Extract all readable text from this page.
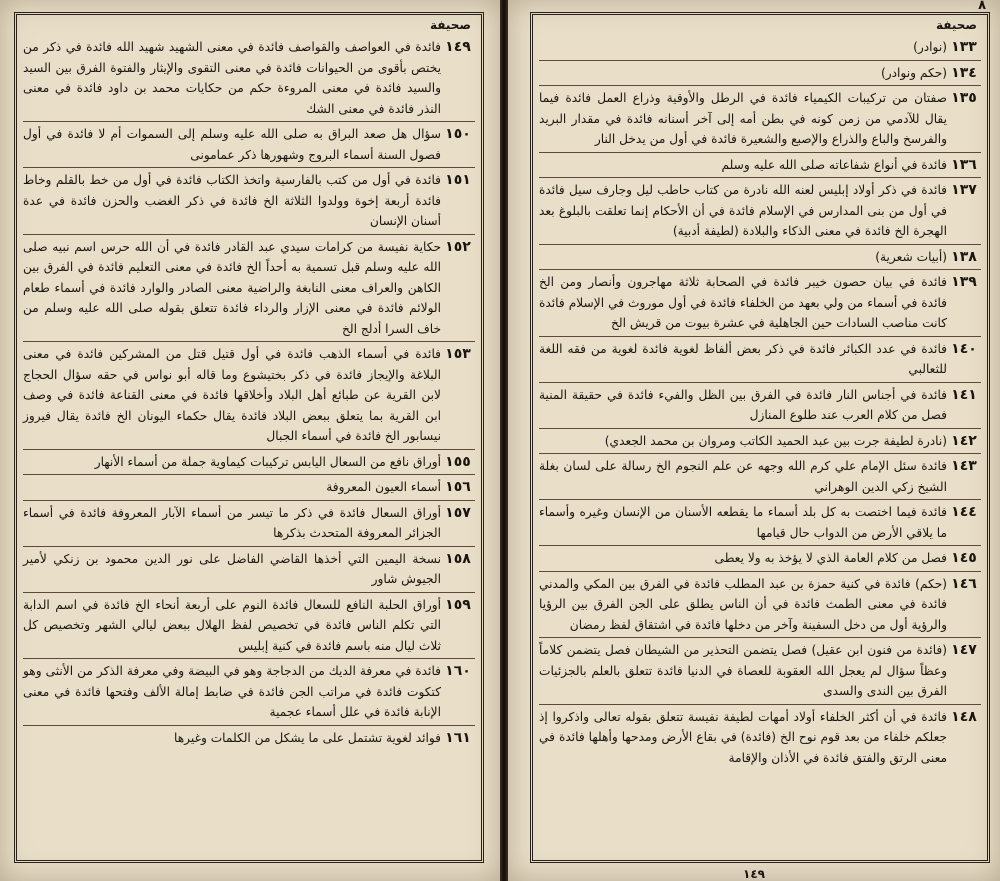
صحيفة
١٤٩
فائدة في العواصف والقواصف فائدة في معنى الشهيد شهيد الله فائدة في ذكر من يختص بأقوى من الحيوانات فائدة في معنى التقوى والإيثار والفتوة الفرق بين السيد والسيد فائدة في معنى المروءة حكم من حكايات محمد بن داود فائدة في معنى النذر فائدة في معنى الشك
١٥٠
سؤال هل صعد البراق به صلى الله عليه وسلم إلى السموات أم لا فائدة في أول فصول السنة أسماء البروج وشهورها ذكر عمامونى
١٥١
فائدة في أول من كتب بالفارسية واتخذ الكتاب فائدة في أول من خط بالقلم وخاط فائدة أربعة إخوة وولدوا الثلاثة الخ فائدة في ذكر الغضب والحزن فائدة في عدة أسنان الإنسان
١٥٢
حكاية نفيسة من كرامات سيدي عبد القادر فائدة في أن الله حرس اسم نبيه صلى الله عليه وسلم قبل تسمية به أحداً الخ فائدة في معنى التعليم فائدة في الفرق بين الكاهن والعراف معنى النابغة والراضية معنى الصادر والوارد فائدة في أسماء طعام الولائم فائدة في معنى الإزار والرداء فائدة تتعلق بقوله صلى الله عليه وسلم من خاف السرا أدلج الخ
١٥٣
فائدة في أسماء الذهب فائدة في أول قتيل قتل من المشركين فائدة في معنى البلاغة والإيجاز فائدة في ذكر بختيشوع وما قاله أبو نواس في حقه سؤال الحجاج لابن القرية عن طبائع أهل البلاد وأخلاقها فائدة في معنى القناعة فائدة في وصف ابن القرية بما يتعلق ببعض البلاد فائدة يقال حكماء اليونان الخ فائدة يقال فيروز نيسابور الخ فائدة في أسماء الجبال
١٥٥
أوراق نافع من السعال اليابس تركيبات كيماوية جملة من أسماء الأنهار
١٥٦
أسماء العيون المعروفة
١٥٧
أوراق السعال فائدة في ذكر ما تيسر من أسماء الآبار المعروفة فائدة في أسماء الجزائر المعروفة المتحدث بذكرها
١٥٨
نسخة اليمين التي أخذها القاضي الفاضل على نور الدين محمود بن زنكي لأمير الجيوش شاور
١٥٩
أوراق الحلبة النافع للسعال فائدة النوم على أربعة أنحاء الخ فائدة في اسم الدابة التي تكلم الناس فائدة في تخصيص لفظ الهلال ببعض ليالي الشهر وتخصيص كل ثلاث ليال منه باسم فائدة في كنية إبليس
١٦٠
فائدة في معرفة الديك من الدجاجة وهو في البيضة وفي معرفة الذكر من الأنثى وهو كتكوت فائدة في مراتب الجن فائدة في ضابط إمالة الألف وفتحها فائدة في معنى الإنابة فائدة في علل أسماء عجمية
١٦١
فوائد لغوية تشتمل على ما يشكل من الكلمات وغيرها
٨
صحيفة
١٣٣
(نوادر)
١٣٤
(حكم ونوادر)
١٣٥
صفتان من تركيبات الكيمياء فائدة في الرطل والأوقية وذراع العمل فائدة فيما يقال للآدمي من زمن كونه في بطن أمه إلى آخر أسنانه فائدة في مقدار البريد والفرسخ والباع والذراع والإصبع والشعيرة فائدة في أول من يدخل النار
١٣٦
فائدة في أنواع شفاعاته صلى الله عليه وسلم
١٣٧
فائدة في ذكر أولاد إبليس لعنه الله نادرة من كتاب حاطب ليل وجارف سيل فائدة في أول من بنى المدارس في الإسلام فائدة في أن الأحكام إنما تعلقت بالبلوغ بعد الهجرة الخ فائدة في معنى الذكاء والبلادة (لطيفة أدبية)
١٣٨
(أبيات شعرية)
١٣٩
فائدة في بيان حصون خيبر فائدة في الصحابة ثلاثة مهاجرون وأنصار ومن الخ فائدة في أسماء من ولي بعهد من الخلفاء فائدة في أول موروث في الإسلام فائدة كانت مناصب السادات حين الجاهلية في عشرة بيوت من قريش الخ
١٤٠
فائدة في عدد الكبائر فائدة في ذكر بعض ألفاظ لغوية فائدة لغوية من فقه اللغة للثعالبي
١٤١
فائدة في أجناس النار فائدة في الفرق بين الظل والفيء فائدة في حقيقة المنية فصل من كلام العرب عند طلوع المنازل
١٤٢
(نادرة لطيفة جرت بين عبد الحميد الكاتب ومروان بن محمد الجعدي)
١٤٣
فائدة سئل الإمام علي كرم الله وجهه عن علم النجوم الخ رسالة على لسان بغلة الشيخ زكي الدين الوهراني
١٤٤
فائدة فيما اختصت به كل بلد أسماء ما يقطعه الأسنان من الإنسان وغيره وأسماء ما يلاقي الأرض من الدواب حال قيامها
١٤٥
فصل من كلام العامة الذي لا يؤخذ به ولا يعطى
١٤٦
(حكم) فائدة في كنية حمزة بن عبد المطلب فائدة في الفرق بين المكي والمدني فائدة في معنى الطمث فائدة في أن الناس يطلق على الجن الفرق بين الرؤيا والرؤية أول من دخل السفينة وآخر من دخلها فائدة في اشتقاق لفظ رمضان
١٤٧
(فائدة من فنون ابن عقيل) فصل يتضمن التحذير من الشيطان فصل يتضمن كلاماً وعظاً سؤال لم يعجل الله العقوبة للعصاة في الدنيا فائدة تتعلق بالعلم بالجزئيات الفرق بين الندى والسدى
١٤٨
فائدة في أن أكثر الخلفاء أولاد أمهات لطيفة نفيسة تتعلق بقوله تعالى واذكروا إذ جعلكم خلفاء من بعد قوم نوح الخ (فائدة) في بقاع الأرض ومدحها وأهلها فائدة في معنى الرتق والفتق فائدة في الأذان والإقامة
١٤٩
